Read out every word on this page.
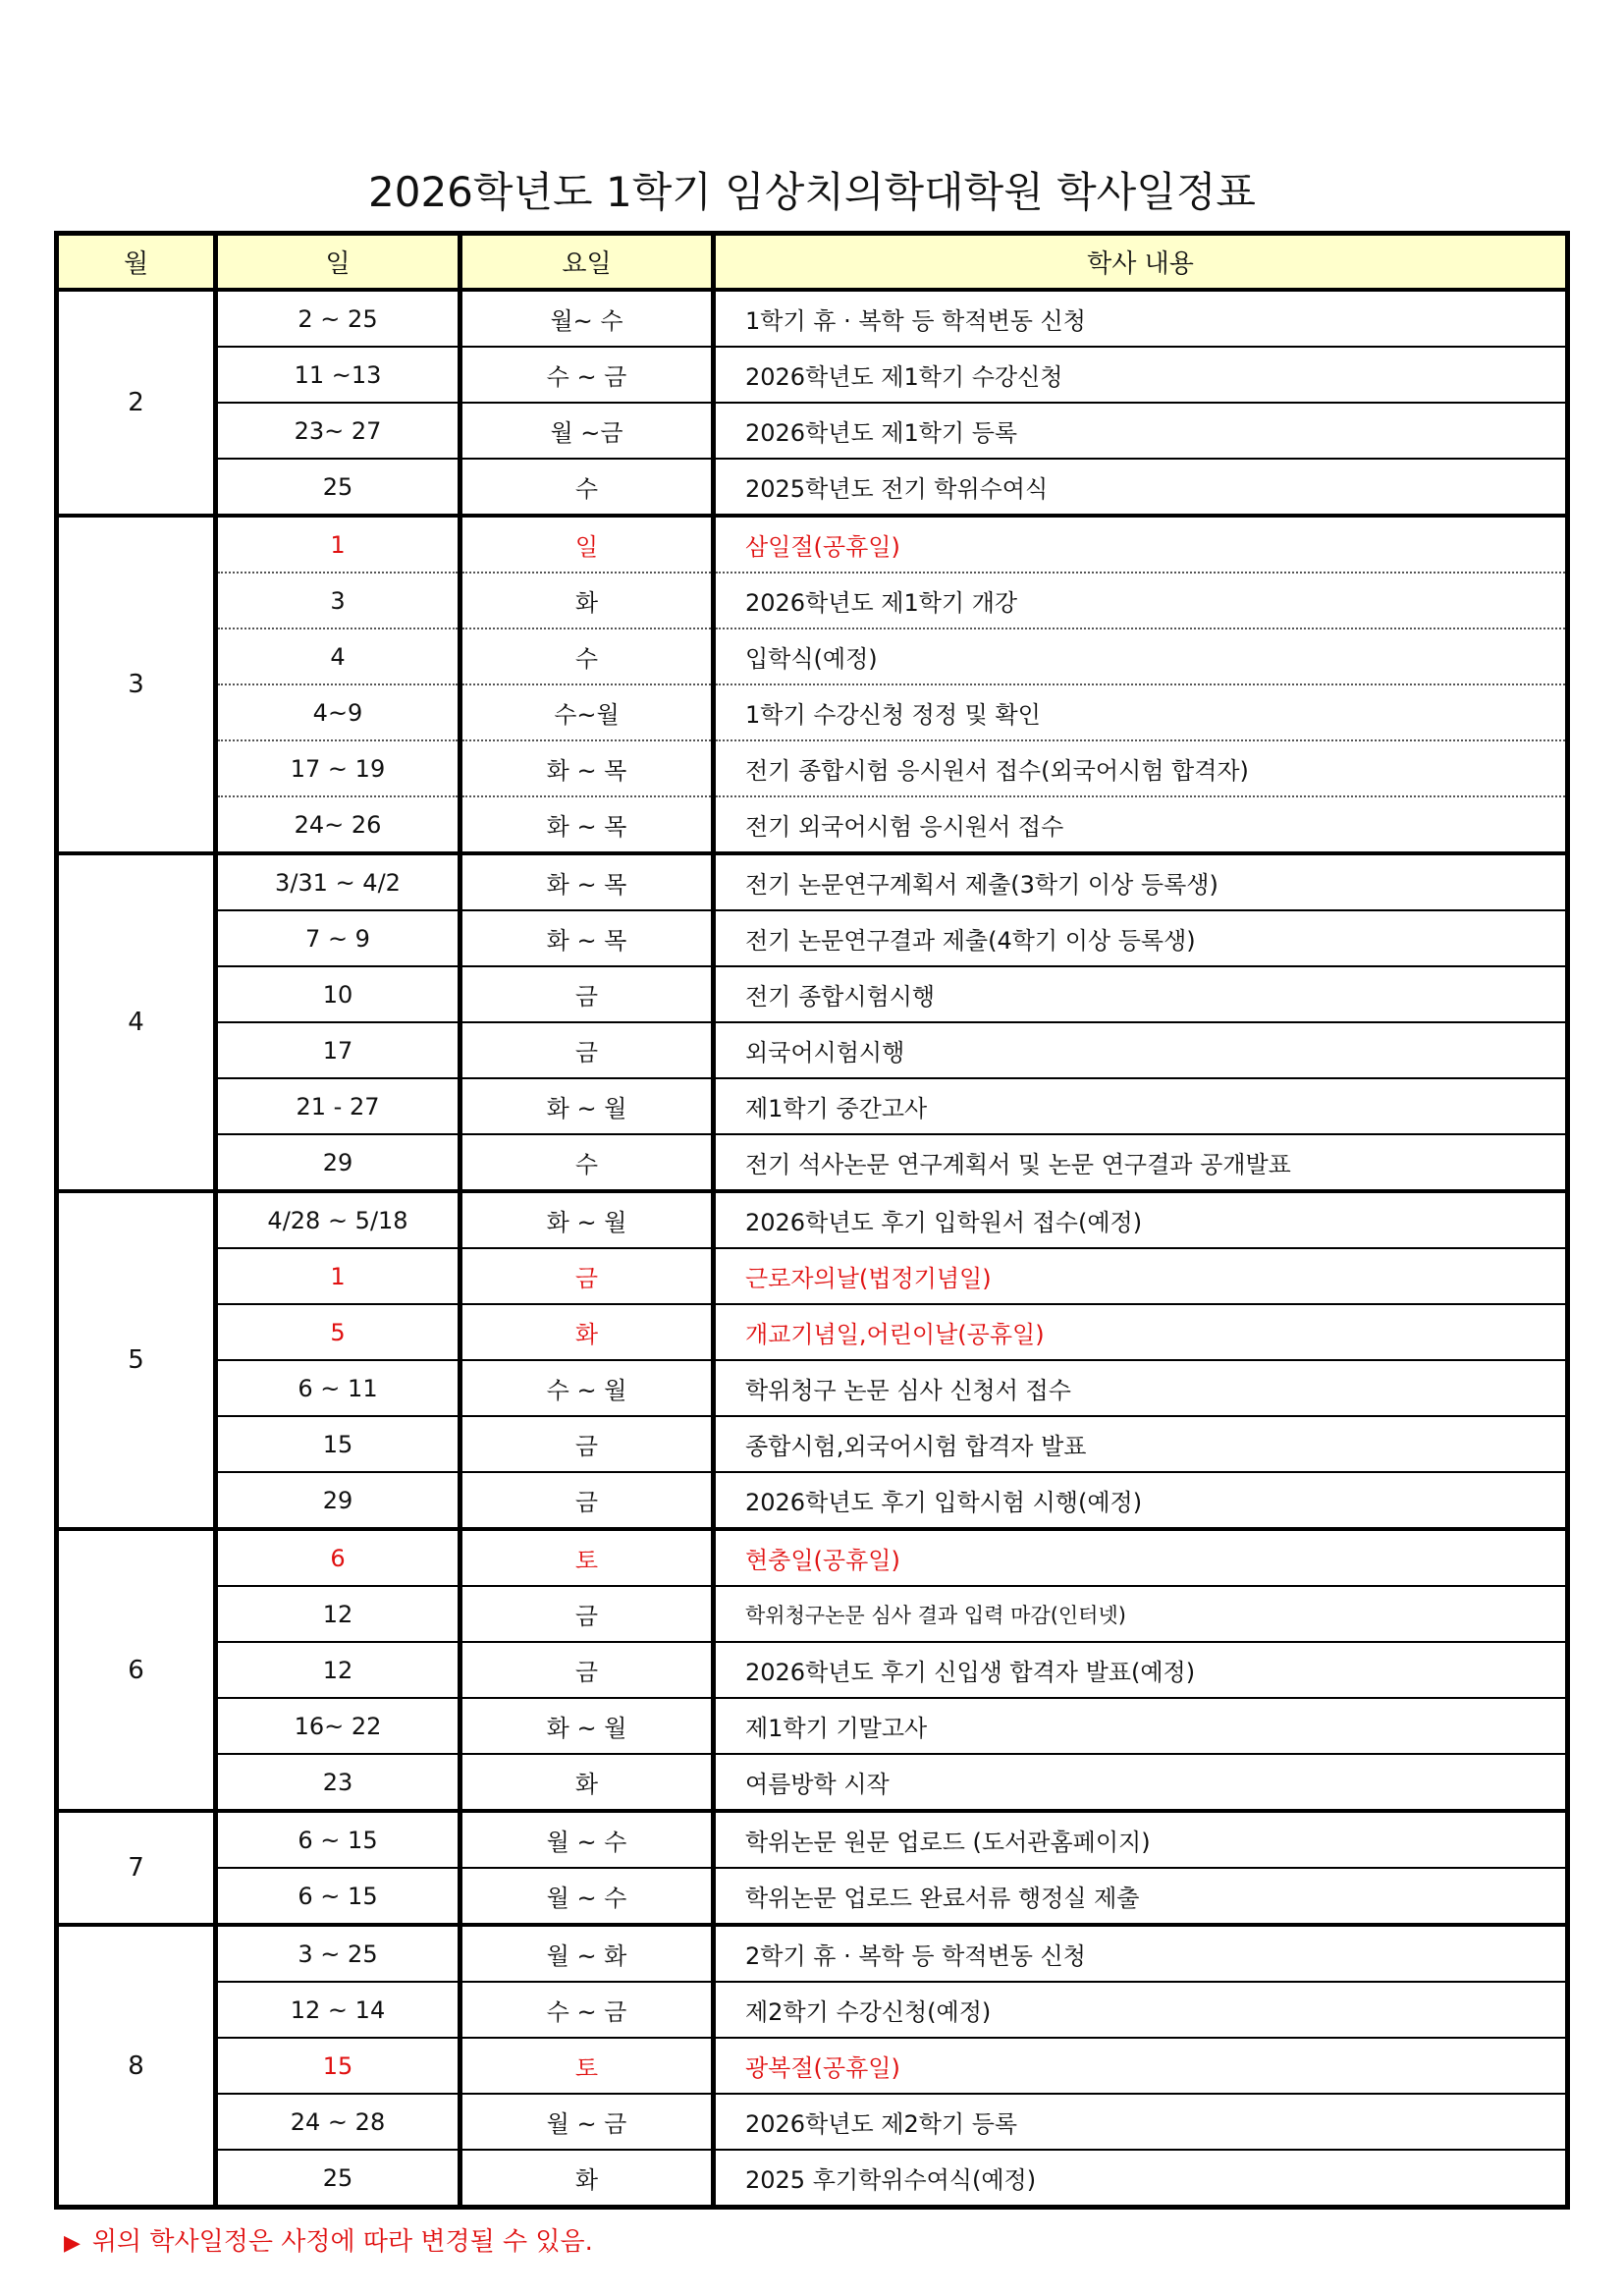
2026학년도 1학기 임상치의학대학원 학사일정표
월	일	요일	학사 내용
2	2 ~ 25	월~ 수	1학기 휴 · 복학 등 학적변동 신청
	11 ~13	수 ~ 금	2026학년도 제1학기 수강신청
	23~ 27	월 ~금	2026학년도 제1학기 등록
	25	수	2025학년도 전기 학위수여식
3	1	일	삼일절(공휴일)
	3	화	2026학년도 제1학기 개강
	4	수	입학식(예정)
	4~9	수~월	1학기 수강신청 정정 및 확인
	17 ~ 19	화 ~ 목	전기 종합시험 응시원서 접수(외국어시험 합격자)
	24~ 26	화 ~ 목	전기 외국어시험 응시원서 접수
4	3/31 ~ 4/2	화 ~ 목	전기 논문연구계획서 제출(3학기 이상 등록생)
	7 ~ 9	화 ~ 목	전기 논문연구결과 제출(4학기 이상 등록생)
	10	금	전기 종합시험시행
	17	금	외국어시험시행
	21 - 27	화 ~ 월	제1학기 중간고사
	29	수	전기 석사논문 연구계획서 및 논문 연구결과 공개발표
5	4/28 ~ 5/18	화 ~ 월	2026학년도 후기 입학원서 접수(예정)
	1	금	근로자의날(법정기념일)
	5	화	개교기념일,어린이날(공휴일)
	6 ~ 11	수 ~ 월	학위청구 논문 심사 신청서 접수
	15	금	종합시험,외국어시험 합격자 발표
	29	금	2026학년도 후기 입학시험 시행(예정)
6	6	토	현충일(공휴일)
	12	금	학위청구논문 심사 결과 입력 마감(인터넷)
	12	금	2026학년도 후기 신입생 합격자 발표(예정)
	16~ 22	화 ~ 월	제1학기 기말고사
	23	화	여름방학 시작
7	6 ~ 15	월 ~ 수	학위논문 원문 업로드 (도서관홈페이지)
	6 ~ 15	월 ~ 수	학위논문 업로드 완료서류 행정실 제출
8	3 ~ 25	월 ~ 화	2학기 휴 · 복학 등 학적변동 신청
	12 ~ 14	수 ~ 금	제2학기 수강신청(예정)
	15	토	광복절(공휴일)
	24 ~ 28	월 ~ 금	2026학년도 제2학기 등록
	25	화	2025 후기학위수여식(예정)
▶ 위의 학사일정은 사정에 따라 변경될 수 있음.
